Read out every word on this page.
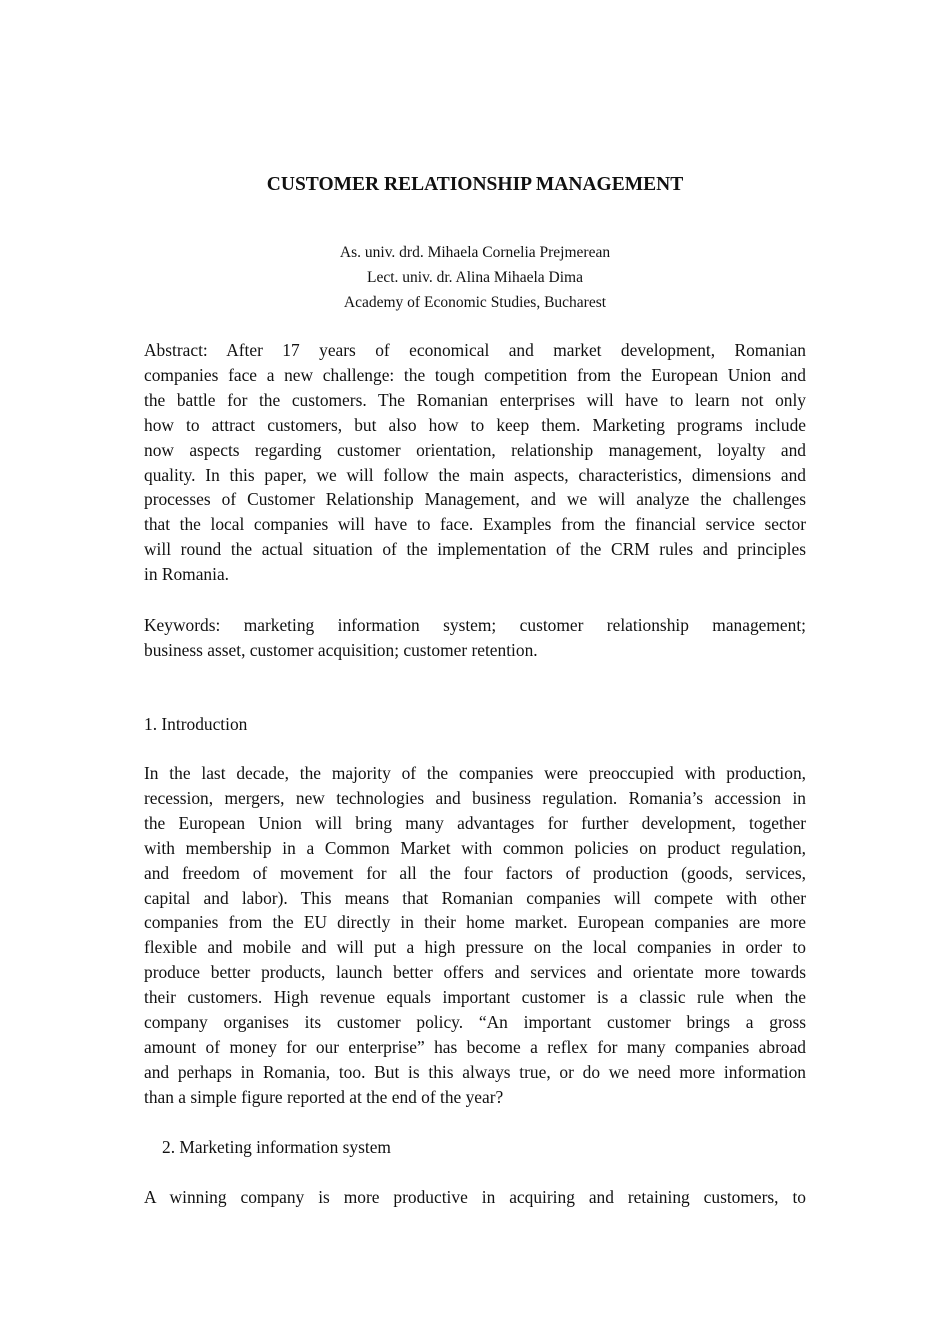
CUSTOMER RELATIONSHIP MANAGEMENT
As. univ. drd. Mihaela Cornelia Prejmerean
Lect. univ. dr. Alina Mihaela Dima
Academy of Economic Studies, Bucharest
Abstract: After 17 years of economical and market development, Romanian
companies face a new challenge: the tough competition from the European Union and
the battle for the customers. The Romanian enterprises will have to learn not only
how to attract customers, but also how to keep them. Marketing programs include
now aspects regarding customer orientation, relationship management, loyalty and
quality. In this paper, we will follow the main aspects, characteristics, dimensions and
processes of Customer Relationship Management, and we will analyze the challenges
that the local companies will have to face. Examples from the financial service sector
will round the actual situation of the implementation of the CRM rules and principles
in Romania.
Keywords: marketing information system; customer relationship management;
business asset, customer acquisition; customer retention.
1. Introduction
In the last decade, the majority of the companies were preoccupied with production,
recession, mergers, new technologies and business regulation. Romania’s accession in
the European Union will bring many advantages for further development, together
with membership in a Common Market with common policies on product regulation,
and freedom of movement for all the four factors of production (goods, services,
capital and labor). This means that Romanian companies will compete with other
companies from the EU directly in their home market. European companies are more
flexible and mobile and will put a high pressure on the local companies in order to
produce better products, launch better offers and services and orientate more towards
their customers. High revenue equals important customer is a classic rule when the
company organises its customer policy. “An important customer brings a gross
amount of money for our enterprise” has become a reflex for many companies abroad
and perhaps in Romania, too. But is this always true, or do we need more information
than a simple figure reported at the end of the year?
2. Marketing information system
A winning company is more productive in acquiring and retaining customers, to
